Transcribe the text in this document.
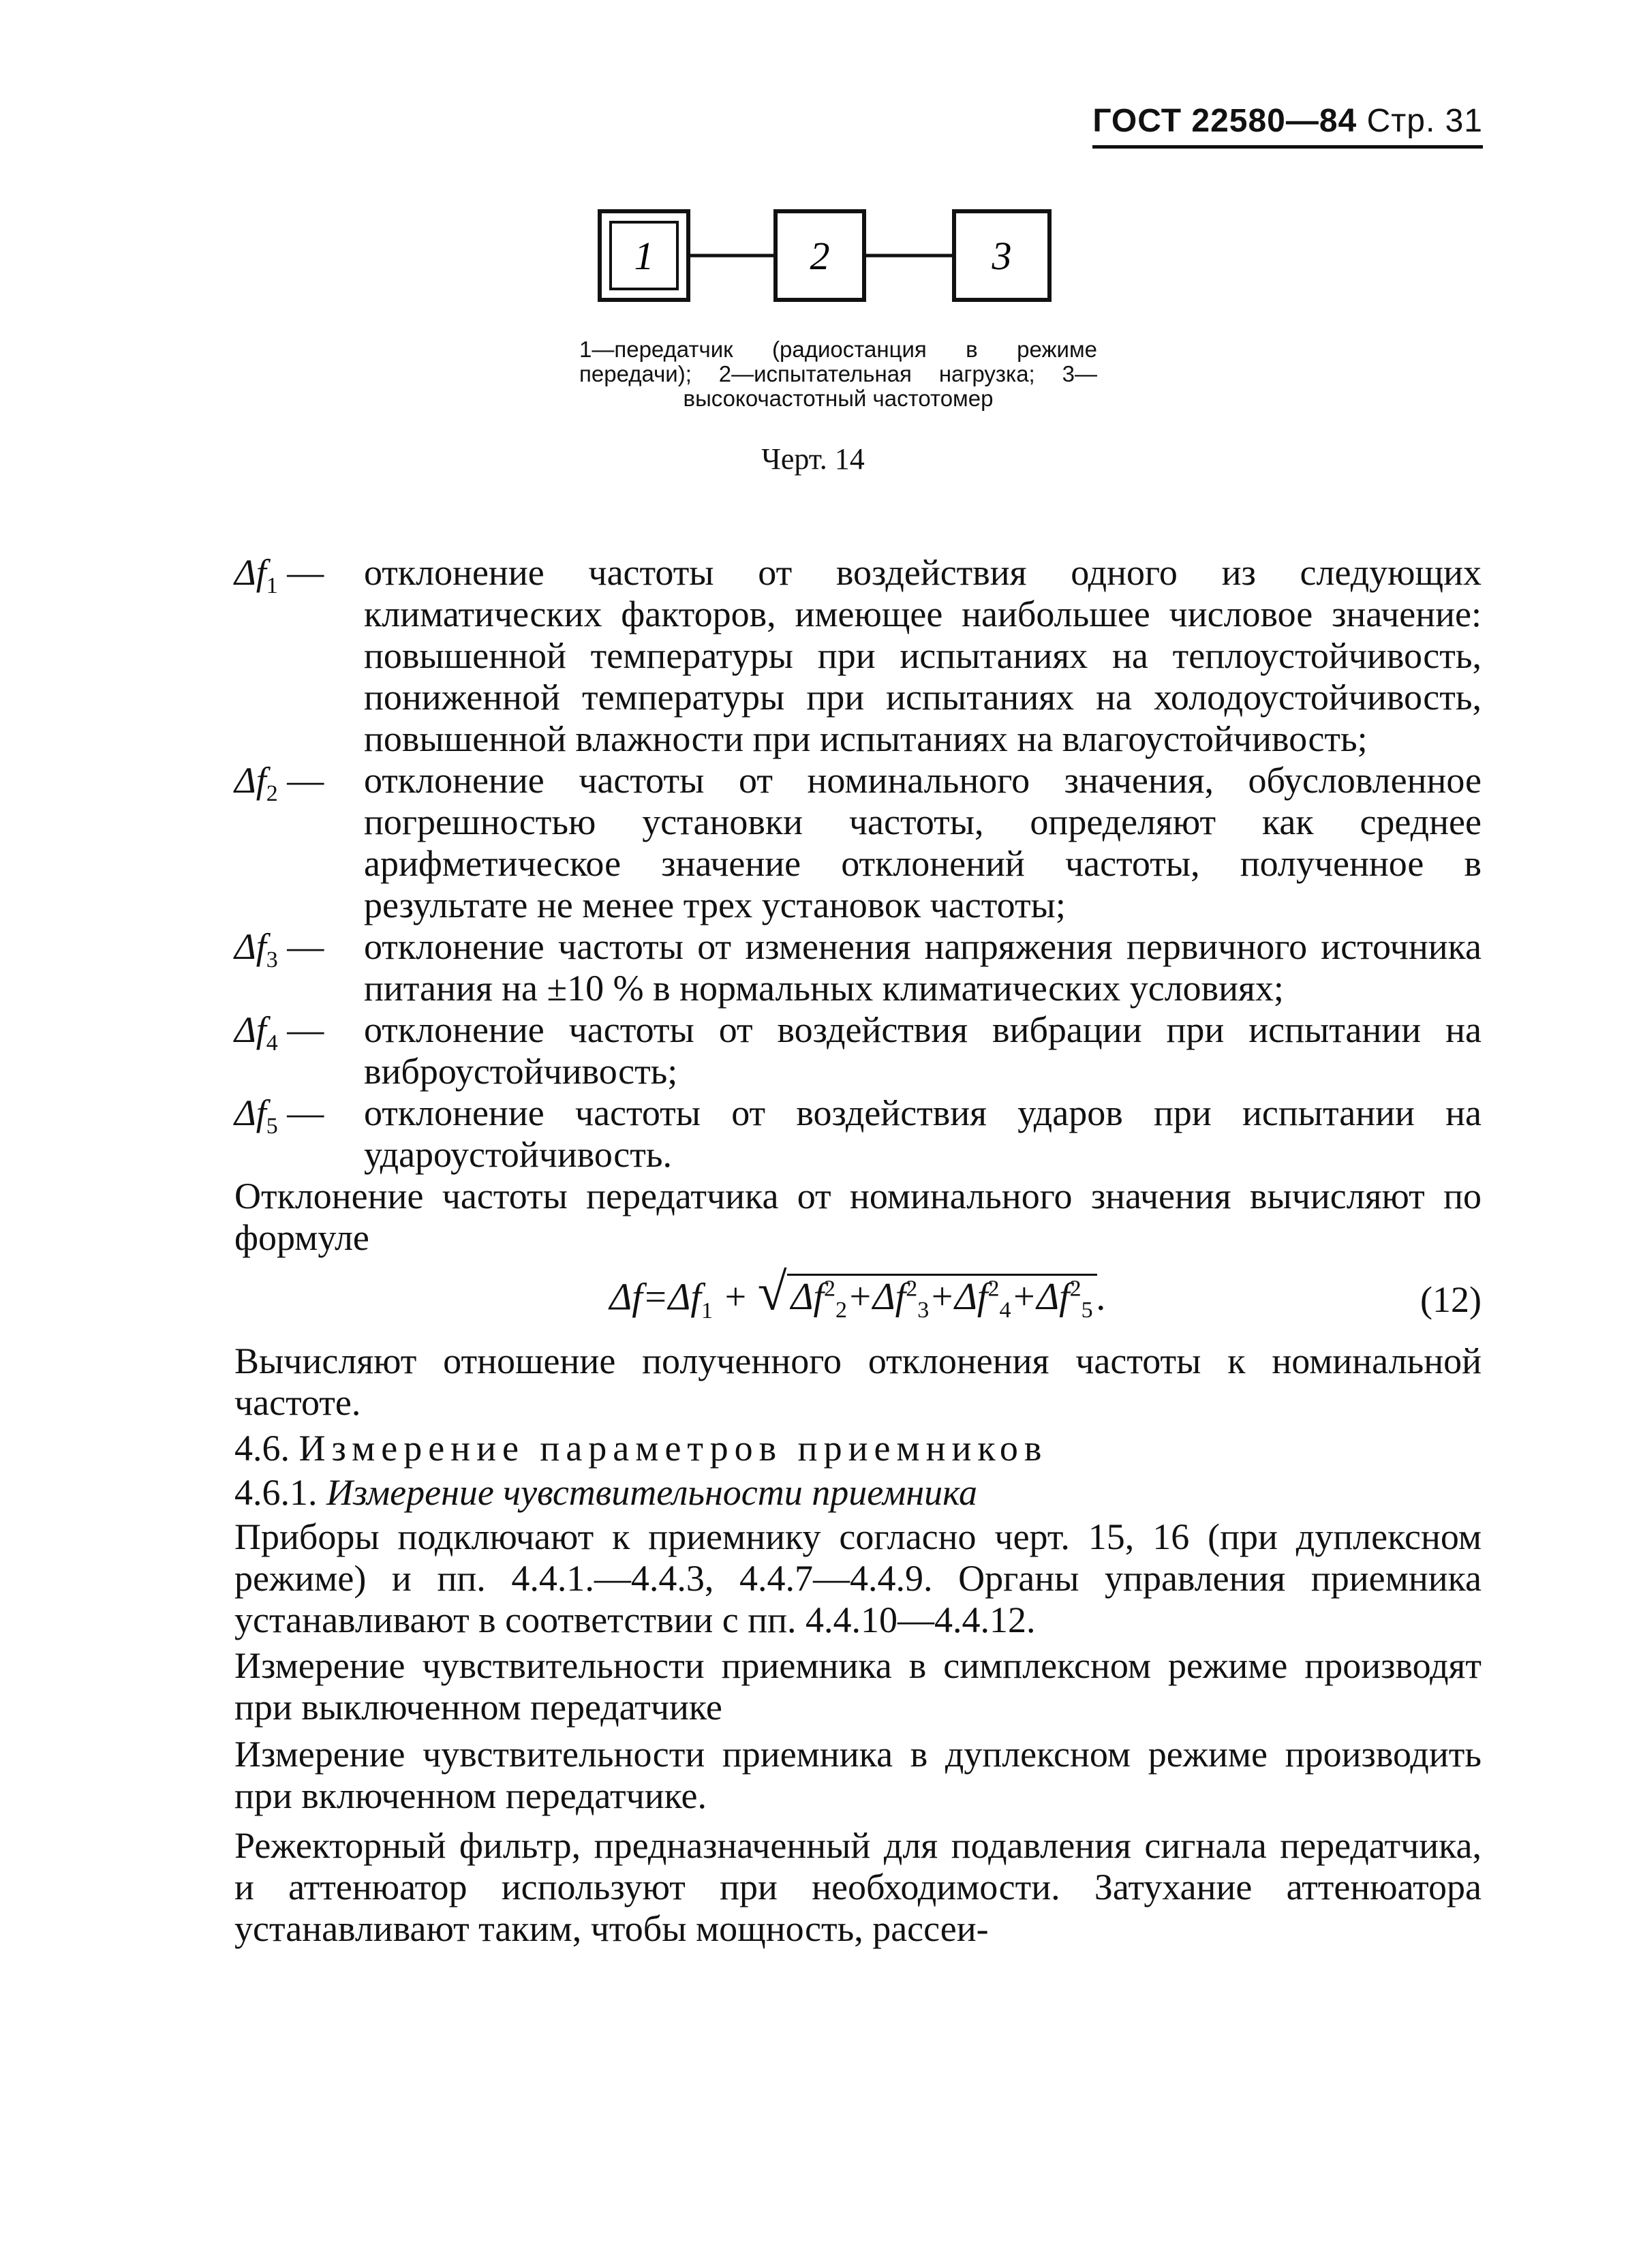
ГОСТ 22580—84 Стр. 31
1	2	3
1—передатчик (радиостанция в режиме передачи); 2—испытательная нагрузка; 3—высокочастотный частотомер
Черт. 14
$\Delta f_1$ —	отклонение частоты от воздействия одного из следующих климатических факторов, имеющее наибольшее числовое значение: повышенной температуры при испытаниях на теплоустойчивость, пониженной температуры при испытаниях на холодоустойчивость, повышенной влажности при испытаниях на влагоустойчивость;
$\Delta f_2$ —	отклонение частоты от номинального значения, обусловленное погрешностью установки частоты, определяют как среднее арифметическое значение отклонений частоты, полученное в результате не менее трех установок частоты;
$\Delta f_3$ —	отклонение частоты от изменения напряжения первичного источника питания на ±10 % в нормальных климатических условиях;
$\Delta f_4$ —	отклонение частоты от воздействия вибрации при испытании на виброустойчивость;
$\Delta f_5$ —	отклонение частоты от воздействия ударов при испытании на удароустойчивость.

Отклонение частоты передатчика от номинального значения вычисляют по формуле

$\Delta f=\Delta f_1$ + √ $\Delta f^2_2+\Delta f^2_3+\Delta f^2_4+\Delta f^2_5$ .	(12)

Вычисляют отношение полученного отклонения частоты к номинальной частоте.

4.6. Измерение параметров приемников
4.6.1. Измерение чувствительности приемника

Приборы подключают к приемнику согласно черт. 15, 16 (при дуплексном режиме) и пп. 4.4.1.—4.4.3, 4.4.7—4.4.9. Органы управления приемника устанавливают в соответствии с пп. 4.4.10—4.4.12.

Измерение чувствительности приемника в симплексном режиме производят при выключенном передатчике

Измерение чувствительности приемника в дуплексном режиме производить при включенном передатчике.

Режекторный фильтр, предназначенный для подавления сигнала передатчика, и аттенюатор используют при необходимости. Затухание аттенюатора устанавливают таким, чтобы мощность, рассеи-
